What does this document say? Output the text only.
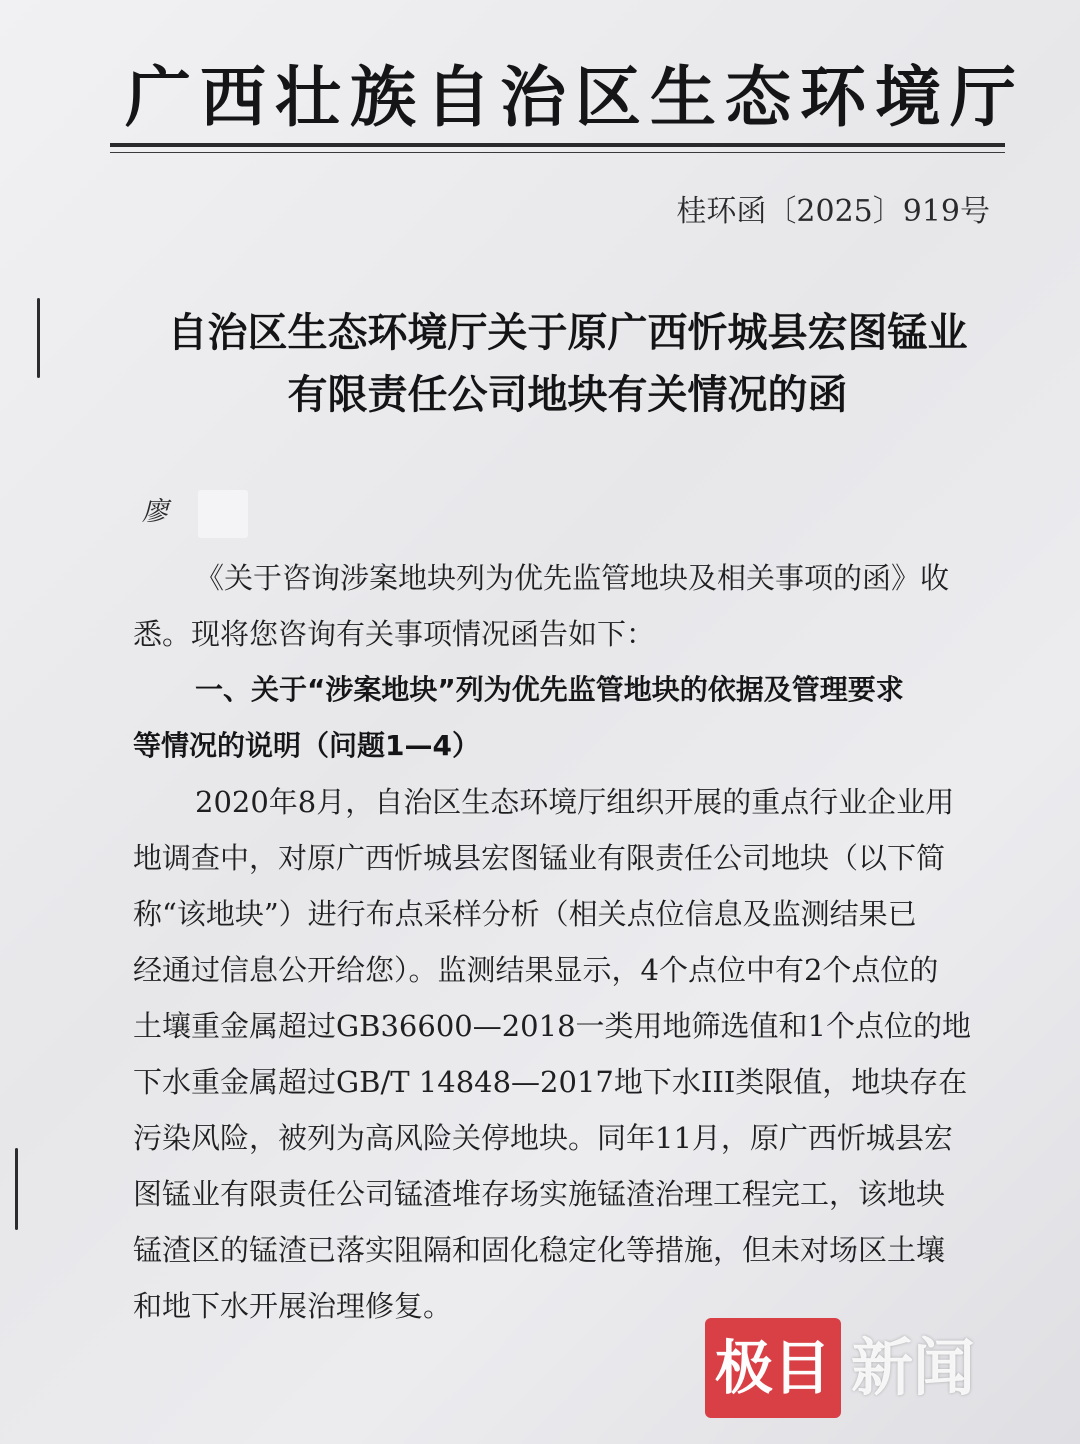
广西壮族自治区生态环境厅
桂环函〔2025〕919号
自治区生态环境厅关于原广西忻城县宏图锰业
有限责任公司地块有关情况的函
廖
《关于咨询涉案地块列为优先监管地块及相关事项的函》收
悉。现将您咨询有关事项情况函告如下：
一、关于“涉案地块”列为优先监管地块的依据及管理要求
等情况的说明（问题1—4）
2020年8月，自治区生态环境厅组织开展的重点行业企业用
地调查中，对原广西忻城县宏图锰业有限责任公司地块（以下简
称“该地块”）进行布点采样分析（相关点位信息及监测结果已
经通过信息公开给您）。监测结果显示，4个点位中有2个点位的
土壤重金属超过GB36600—2018一类用地筛选值和1个点位的地
下水重金属超过GB/T 14848—2017地下水III类限值，地块存在
污染风险，被列为高风险关停地块。同年11月，原广西忻城县宏
图锰业有限责任公司锰渣堆存场实施锰渣治理工程完工，该地块
锰渣区的锰渣已落实阻隔和固化稳定化等措施，但未对场区土壤
和地下水开展治理修复。
极目 新闻
